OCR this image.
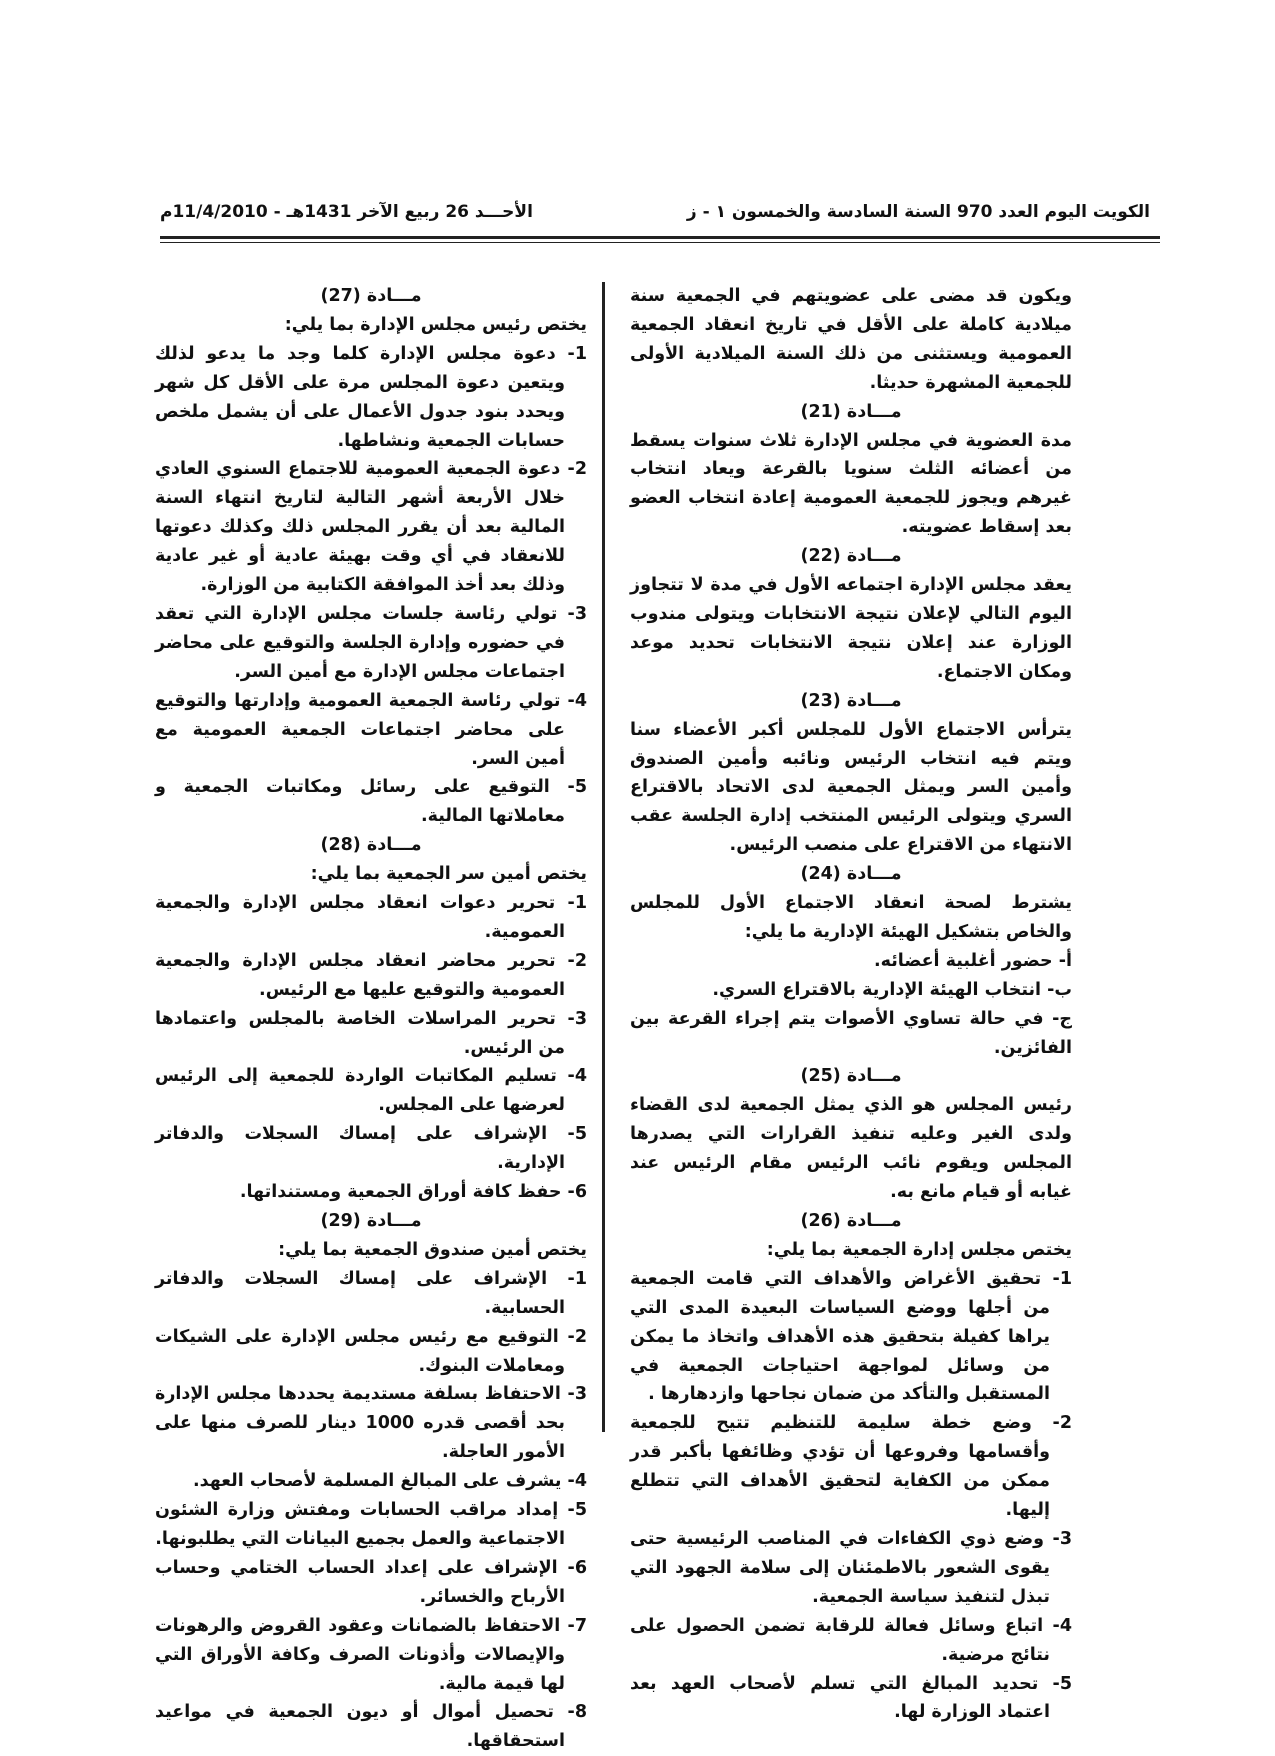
الكويت اليوم العدد 970 السنة السادسة والخمسون ١ - ز
الأحـــد 26 ربيع الآخر 1431هـ - 11/4/2010م

ويكون قد مضى على عضويتهم في الجمعية سنة ميلادية كاملة على الأقل في تاريخ انعقاد الجمعية العمومية ويستثنى من ذلك السنة الميلادية الأولى للجمعية المشهرة حديثا.

مـــادة (21)

مدة العضوية في مجلس الإدارة ثلاث سنوات يسقط من أعضائه الثلث سنويا بالقرعة ويعاد انتخاب غيرهم ويجوز للجمعية العمومية إعادة انتخاب العضو بعد إسقاط عضويته.

مـــادة (22)

يعقد مجلس الإدارة اجتماعه الأول في مدة لا تتجاوز اليوم التالي لإعلان نتيجة الانتخابات ويتولى مندوب الوزارة عند إعلان نتيجة الانتخابات تحديد موعد ومكان الاجتماع.

مـــادة (23)

يترأس الاجتماع الأول للمجلس أكبر الأعضاء سنا ويتم فيه انتخاب الرئيس ونائبه وأمين الصندوق وأمين السر ويمثل الجمعية لدى الاتحاد بالاقتراع السري ويتولى الرئيس المنتخب إدارة الجلسة عقب الانتهاء من الاقتراع على منصب الرئيس.

مـــادة (24)

يشترط لصحة انعقاد الاجتماع الأول للمجلس والخاص بتشكيل الهيئة الإدارية ما يلي:

أ- حضور أغلبية أعضائه.

ب- انتخاب الهيئة الإدارية بالاقتراع السري.

ج- في حالة تساوي الأصوات يتم إجراء القرعة بين الفائزين.

مـــادة (25)

رئيس المجلس هو الذي يمثل الجمعية لدى القضاء ولدى الغير وعليه تنفيذ القرارات التي يصدرها المجلس ويقوم نائب الرئيس مقام الرئيس عند غيابه أو قيام مانع به.

مـــادة (26)

يختص مجلس إدارة الجمعية بما يلي:

1- تحقيق الأغراض والأهداف التي قامت الجمعية من أجلها ووضع السياسات البعيدة المدى التي يراها كفيلة بتحقيق هذه الأهداف واتخاذ ما يمكن من وسائل لمواجهة احتياجات الجمعية في المستقبل والتأكد من ضمان نجاحها وازدهارها .

2- وضع خطة سليمة للتنظيم تتيح للجمعية وأقسامها وفروعها أن تؤدي وظائفها بأكبر قدر ممكن من الكفاية لتحقيق الأهداف التي تتطلع إليها.

3- وضع ذوي الكفاءات في المناصب الرئيسية حتى يقوى الشعور بالاطمئنان إلى سلامة الجهود التي تبذل لتنفيذ سياسة الجمعية.

4- اتباع وسائل فعالة للرقابة تضمن الحصول على نتائج مرضية.

5- تحديد المبالغ التي تسلم لأصحاب العهد بعد اعتماد الوزارة لها.

مـــادة (27)

يختص رئيس مجلس الإدارة بما يلي:

1- دعوة مجلس الإدارة كلما وجد ما يدعو لذلك ويتعين دعوة المجلس مرة على الأقل كل شهر ويحدد بنود جدول الأعمال على أن يشمل ملخص حسابات الجمعية ونشاطها.

2- دعوة الجمعية العمومية للاجتماع السنوي العادي خلال الأربعة أشهر التالية لتاريخ انتهاء السنة المالية بعد أن يقرر المجلس ذلك وكذلك دعوتها للانعقاد في أي وقت بهيئة عادية أو غير عادية وذلك بعد أخذ الموافقة الكتابية من الوزارة.

3- تولي رئاسة جلسات مجلس الإدارة التي تعقد في حضوره وإدارة الجلسة والتوقيع على محاضر اجتماعات مجلس الإدارة مع أمين السر.

4- تولي رئاسة الجمعية العمومية وإدارتها والتوقيع على محاضر اجتماعات الجمعية العمومية مع أمين السر.

5- التوقيع على رسائل ومكاتبات الجمعية و معاملاتها المالية.

مـــادة (28)

يختص أمين سر الجمعية بما يلي:

1- تحرير دعوات انعقاد مجلس الإدارة والجمعية العمومية.

2- تحرير محاضر انعقاد مجلس الإدارة والجمعية العمومية والتوقيع عليها مع الرئيس.

3- تحرير المراسلات الخاصة بالمجلس واعتمادها من الرئيس.

4- تسليم المكاتبات الواردة للجمعية إلى الرئيس لعرضها على المجلس.

5- الإشراف على إمساك السجلات والدفاتر الإدارية.

6- حفظ كافة أوراق الجمعية ومستنداتها.

مـــادة (29)

يختص أمين صندوق الجمعية بما يلي:

1- الإشراف على إمساك السجلات والدفاتر الحسابية.

2- التوقيع مع رئيس مجلس الإدارة على الشيكات ومعاملات البنوك.

3- الاحتفاظ بسلفة مستديمة يحددها مجلس الإدارة بحد أقصى قدره 1000 دينار للصرف منها على الأمور العاجلة.

4- يشرف على المبالغ المسلمة لأصحاب العهد.

5- إمداد مراقب الحسابات ومفتش وزارة الشئون الاجتماعية والعمل بجميع البيانات التي يطلبونها.

6- الإشراف على إعداد الحساب الختامي وحساب الأرباح والخسائر.

7- الاحتفاظ بالضمانات وعقود القروض والرهونات والإيصالات وأذونات الصرف وكافة الأوراق التي لها قيمة مالية.

8- تحصيل أموال أو ديون الجمعية في مواعيد استحقاقها.
